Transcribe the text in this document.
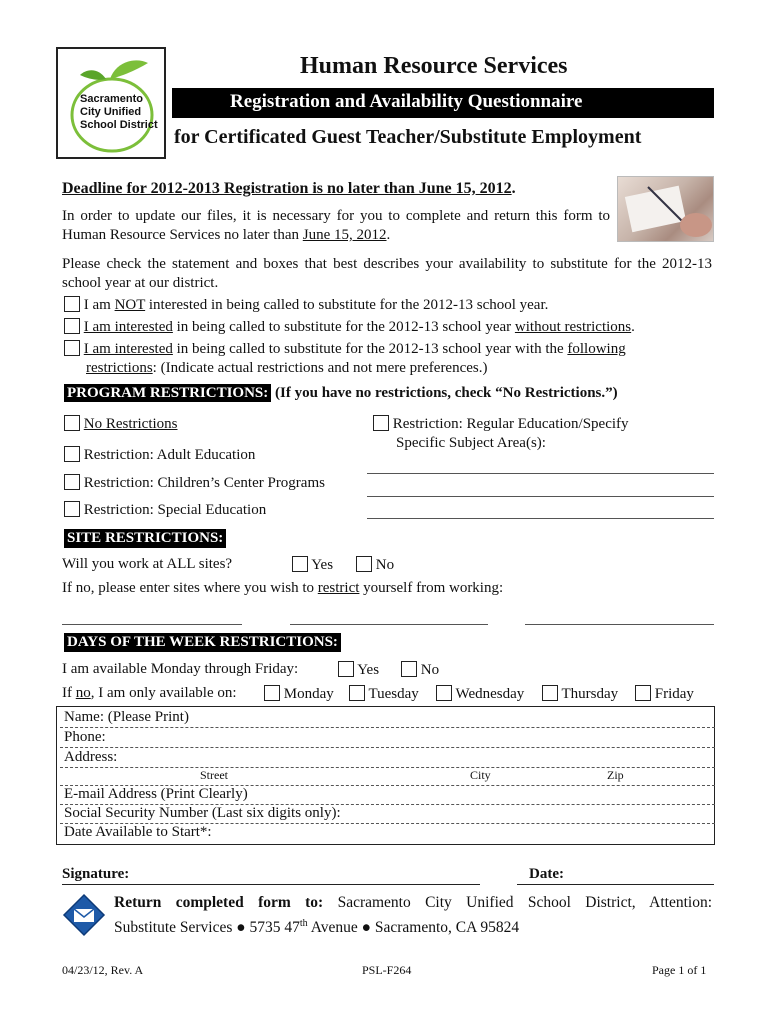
Sacramento
City Unified
School District
Human Resource Services
Registration and Availability Questionnaire
for Certificated Guest Teacher/Substitute Employment
Deadline for 2012-2013 Registration is no later than June 15, 2012.
In order to update our files, it is necessary for you to complete and return this form to Human Resource Services no later than June 15, 2012.
Please check the statement and boxes that best describes your availability to substitute for the 2012-13 school year at our district.
I am NOT interested in being called to substitute for the 2012-13 school year.
I am interested in being called to substitute for the 2012-13 school year without restrictions.
I am interested in being called to substitute for the 2012-13 school year with the following
restrictions: (Indicate actual restrictions and not mere preferences.)
PROGRAM RESTRICTIONS: (If you have no restrictions, check “No Restrictions.”)
No Restrictions
Restriction: Adult Education
Restriction: Children’s Center Programs
Restriction: Special Education
Restriction: Regular Education/Specify
Specific Subject Area(s):
SITE RESTRICTIONS:
Will you work at ALL sites?	Yes	No
If no, please enter sites where you wish to restrict yourself from working:
DAYS OF THE WEEK RESTRICTIONS:
I am available Monday through Friday:	Yes	No
If no, I am only available on:	Monday	Tuesday	Wednesday	Thursday	Friday
Name: (Please Print)
Phone:
Address:
Street	City	Zip
E-mail Address (Print Clearly)
Social Security Number (Last six digits only):
Date Available to Start*:
Signature:	Date:
Return completed form to: Sacramento City Unified School District, Attention:
Substitute Services ● 5735 47th Avenue ● Sacramento, CA 95824
04/23/12, Rev. A	PSL-F264	Page 1 of 1
